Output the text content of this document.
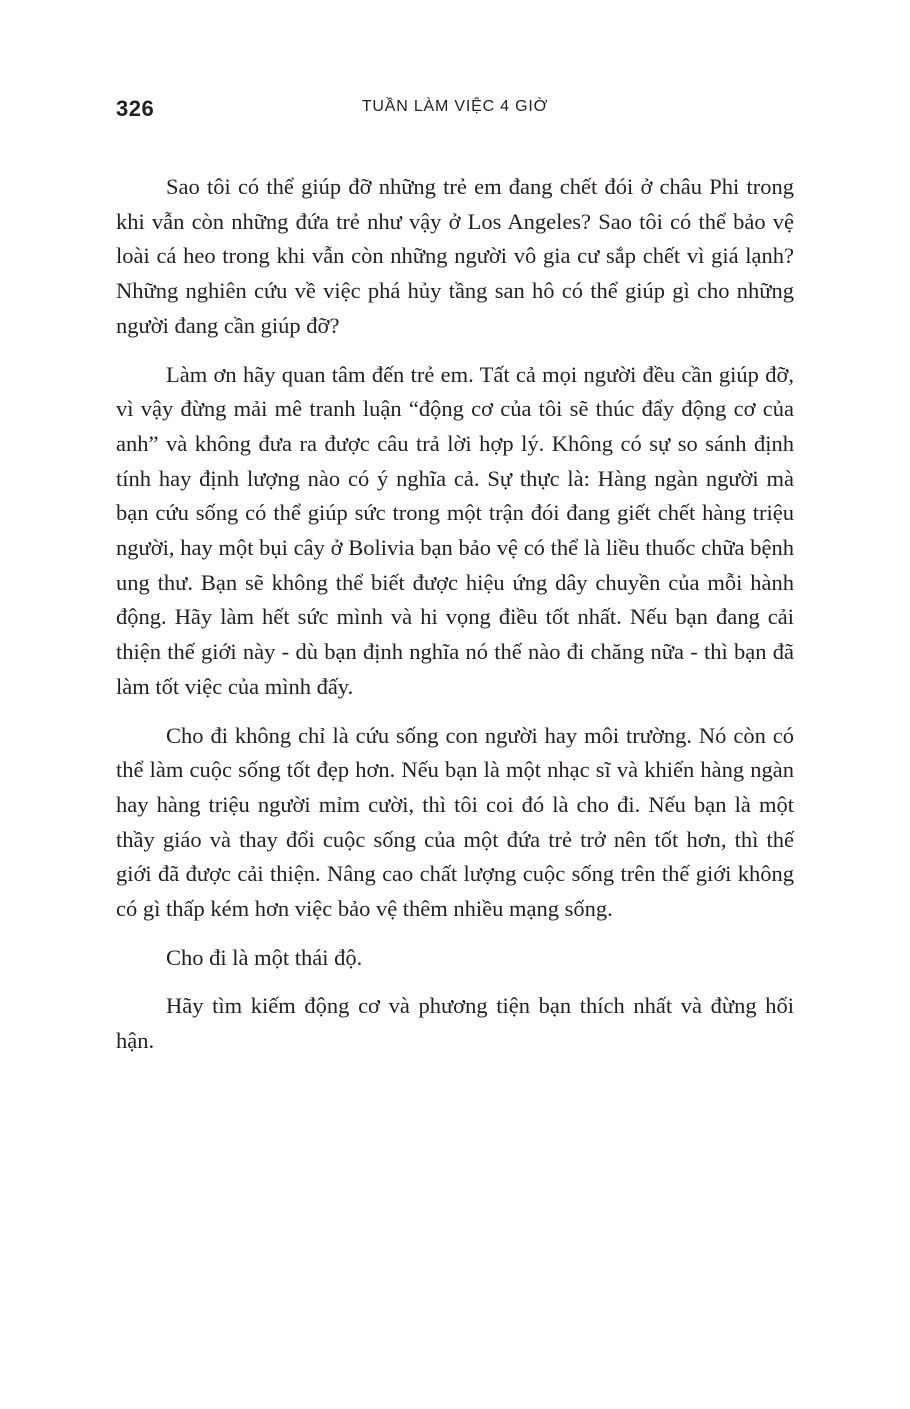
326	TUẦN LÀM VIỆC 4 GIỜ

Sao tôi có thể giúp đỡ những trẻ em đang chết đói ở châu Phi trong khi vẫn còn những đứa trẻ như vậy ở Los Angeles? Sao tôi có thể bảo vệ loài cá heo trong khi vẫn còn những người vô gia cư sắp chết vì giá lạnh? Những nghiên cứu về việc phá hủy tầng san hô có thể giúp gì cho những người đang cần giúp đỡ?

Làm ơn hãy quan tâm đến trẻ em. Tất cả mọi người đều cần giúp đỡ, vì vậy đừng mải mê tranh luận “động cơ của tôi sẽ thúc đẩy động cơ của anh” và không đưa ra được câu trả lời hợp lý. Không có sự so sánh định tính hay định lượng nào có ý nghĩa cả. Sự thực là: Hàng ngàn người mà bạn cứu sống có thể giúp sức trong một trận đói đang giết chết hàng triệu người, hay một bụi cây ở Bolivia bạn bảo vệ có thể là liều thuốc chữa bệnh ung thư. Bạn sẽ không thể biết được hiệu ứng dây chuyền của mỗi hành động. Hãy làm hết sức mình và hi vọng điều tốt nhất. Nếu bạn đang cải thiện thế giới này - dù bạn định nghĩa nó thế nào đi chăng nữa - thì bạn đã làm tốt việc của mình đấy.

Cho đi không chỉ là cứu sống con người hay môi trường. Nó còn có thể làm cuộc sống tốt đẹp hơn. Nếu bạn là một nhạc sĩ và khiến hàng ngàn hay hàng triệu người mỉm cười, thì tôi coi đó là cho đi. Nếu bạn là một thầy giáo và thay đổi cuộc sống của một đứa trẻ trở nên tốt hơn, thì thế giới đã được cải thiện. Nâng cao chất lượng cuộc sống trên thế giới không có gì thấp kém hơn việc bảo vệ thêm nhiều mạng sống.

Cho đi là một thái độ.

Hãy tìm kiếm động cơ và phương tiện bạn thích nhất và đừng hối hận.
